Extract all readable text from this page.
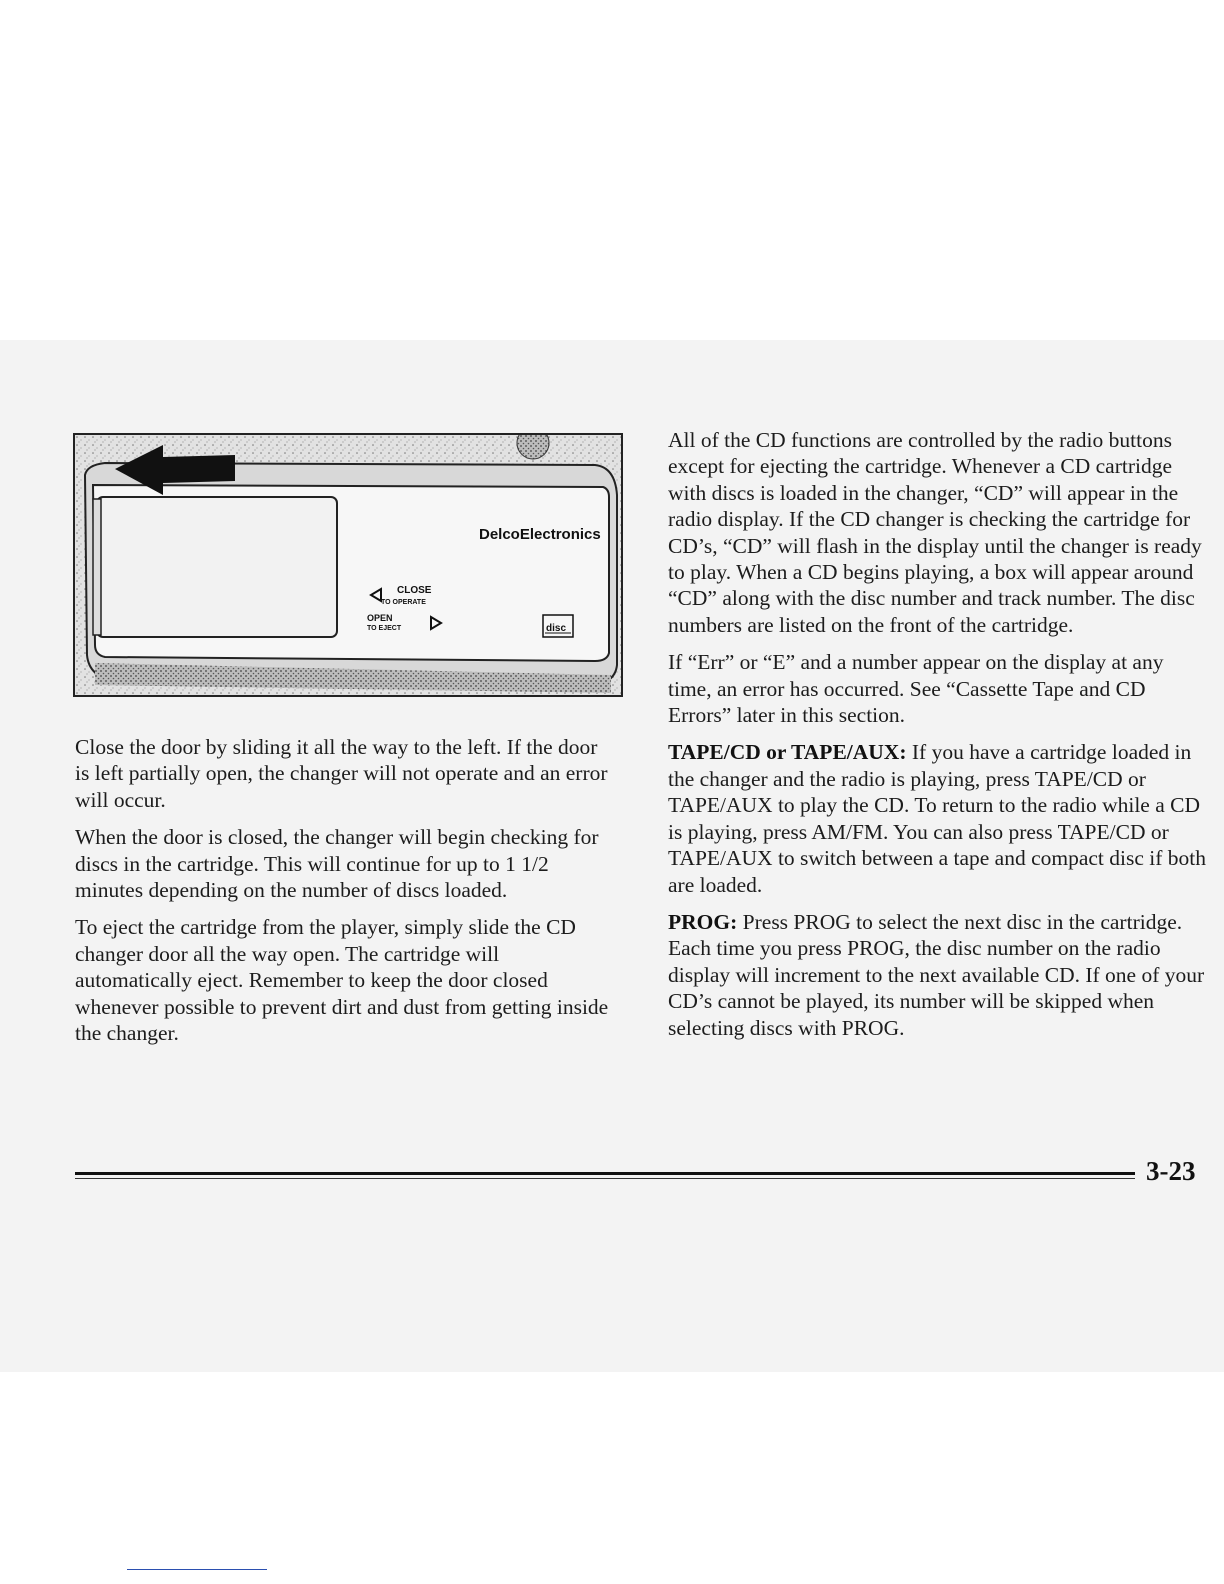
DelcoElectronics
CLOSE
TO OPERATE
OPEN
TO EJECT	disc

Close the door by sliding it all the way to the left. If the door is left partially open, the changer will not operate and an error will occur.

When the door is closed, the changer will begin checking for discs in the cartridge. This will continue for up to 1 1/2 minutes depending on the number of discs loaded.

To eject the cartridge from the player, simply slide the CD changer door all the way open. The cartridge will automatically eject. Remember to keep the door closed whenever possible to prevent dirt and dust from getting inside the changer.

All of the CD functions are controlled by the radio buttons except for ejecting the cartridge. Whenever a CD cartridge with discs is loaded in the changer, “CD” will appear in the radio display. If the CD changer is checking the cartridge for CD’s, “CD” will flash in the display until the changer is ready to play. When a CD begins playing, a box will appear around “CD” along with the disc number and track number. The disc numbers are listed on the front of the cartridge.

If “Err” or “E” and a number appear on the display at any time, an error has occurred. See “Cassette Tape and CD Errors” later in this section.

TAPE/CD or TAPE/AUX: If you have a cartridge loaded in the changer and the radio is playing, press TAPE/CD or TAPE/AUX to play the CD. To return to the radio while a CD is playing, press AM/FM. You can also press TAPE/CD or TAPE/AUX to switch between a tape and compact disc if both are loaded.

PROG: Press PROG to select the next disc in the cartridge. Each time you press PROG, the disc number on the radio display will increment to the next available CD. If one of your CD’s cannot be played, its number will be skipped when selecting discs with PROG.

3-23
